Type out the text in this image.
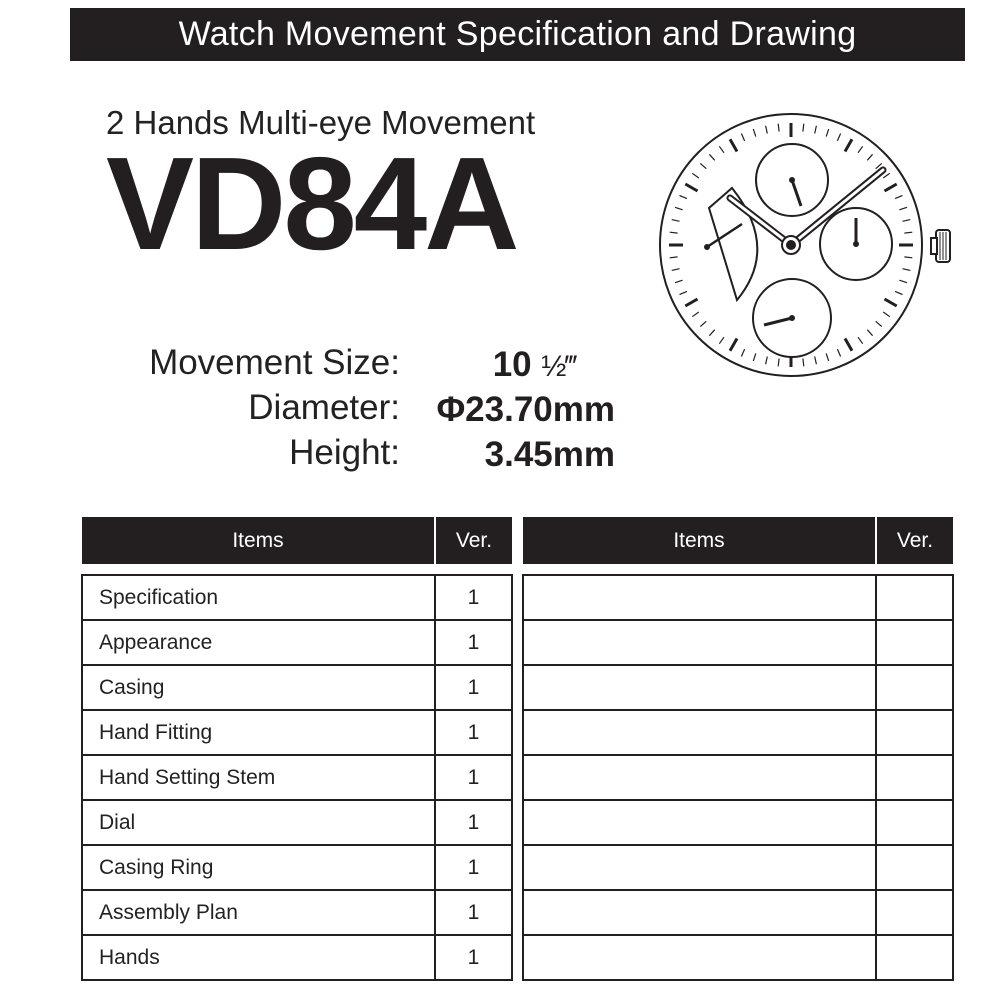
Watch Movement Specification and Drawing
2 Hands Multi-eye Movement
VD84A
Movement Size:	10 ½‴
Diameter:	Φ23.70mm
Height:	3.45mm
Items	Ver.

Specification	1
Appearance	1
Casing	1
Hand Fitting	1
Hand Setting Stem	1
Dial	1
Casing Ring	1
Assembly Plan	1
Hands	1
Items	Ver.
